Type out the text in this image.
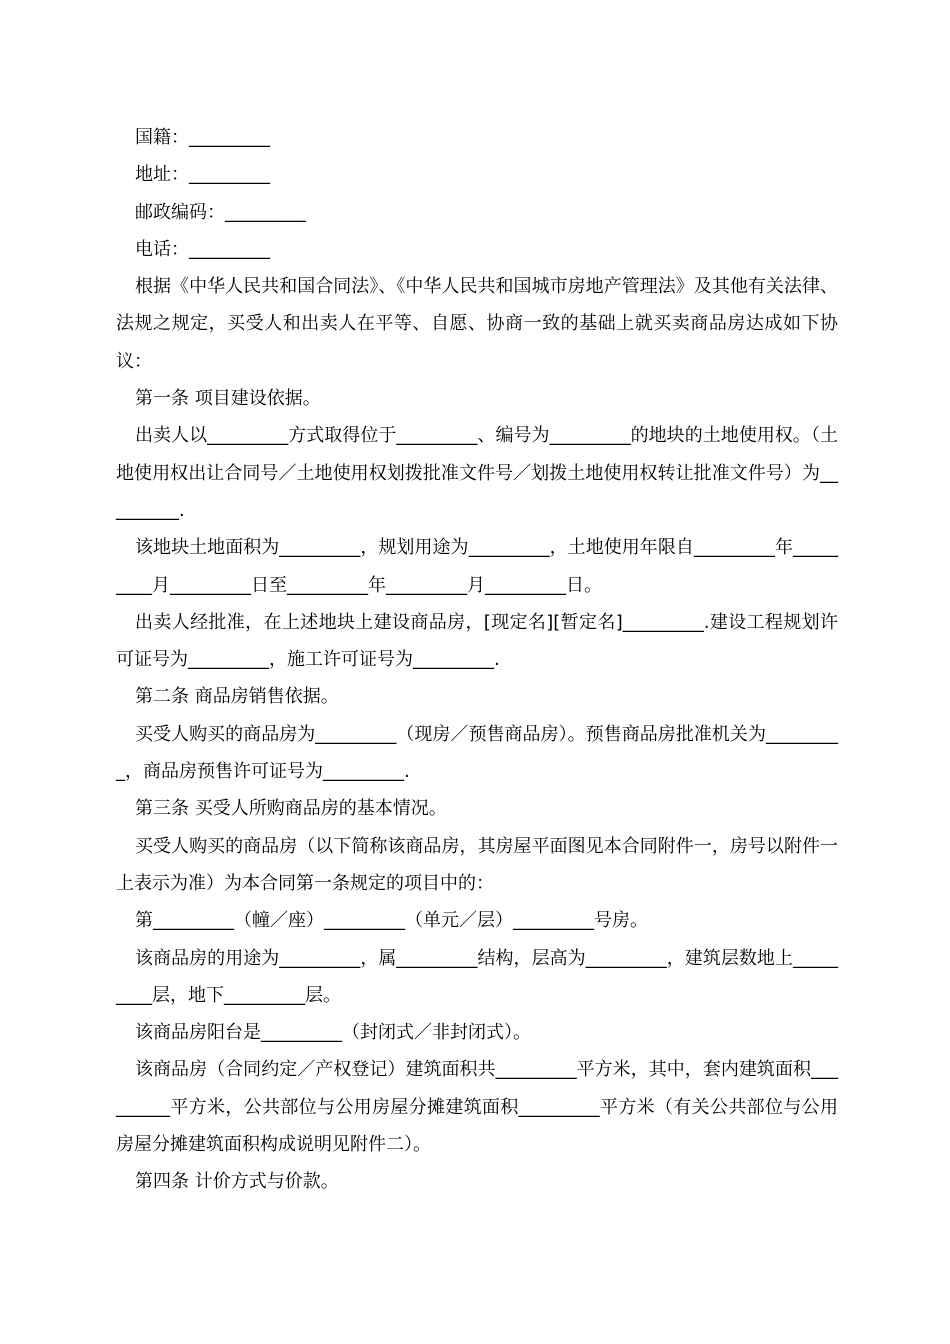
国籍：_________

地址：_________

邮政编码：_________

电话：_________

根据《中华人民共和国合同法》、《中华人民共和国城市房地产管理法》及其他有关法律、法规之规定，买受人和出卖人在平等、自愿、协商一致的基础上就买卖商品房达成如下协议：

第一条 项目建设依据。

出卖人以_________方式取得位于_________、编号为_________的地块的土地使用权。（土地使用权出让合同号／土地使用权划拨批准文件号／划拨土地使用权转让批准文件号）为_________.

该地块土地面积为_________，规划用途为_________，土地使用年限自_________年_________月_________日至_________年_________月_________日。

出卖人经批准，在上述地块上建设商品房，[现定名][暂定名]_________.建设工程规划许可证号为_________，施工许可证号为_________.

第二条 商品房销售依据。

买受人购买的商品房为_________（现房／预售商品房）。预售商品房批准机关为_________，商品房预售许可证号为_________.

第三条 买受人所购商品房的基本情况。

买受人购买的商品房（以下简称该商品房，其房屋平面图见本合同附件一，房号以附件一上表示为准）为本合同第一条规定的项目中的：

第_________（幢／座）_________（单元／层）_________号房。

该商品房的用途为_________，属_________结构，层高为_________，建筑层数地上_________层，地下_________层。

该商品房阳台是_________（封闭式／非封闭式）。

该商品房（合同约定／产权登记）建筑面积共_________平方米，其中，套内建筑面积_________平方米，公共部位与公用房屋分摊建筑面积_________平方米（有关公共部位与公用房屋分摊建筑面积构成说明见附件二）。

第四条 计价方式与价款。
